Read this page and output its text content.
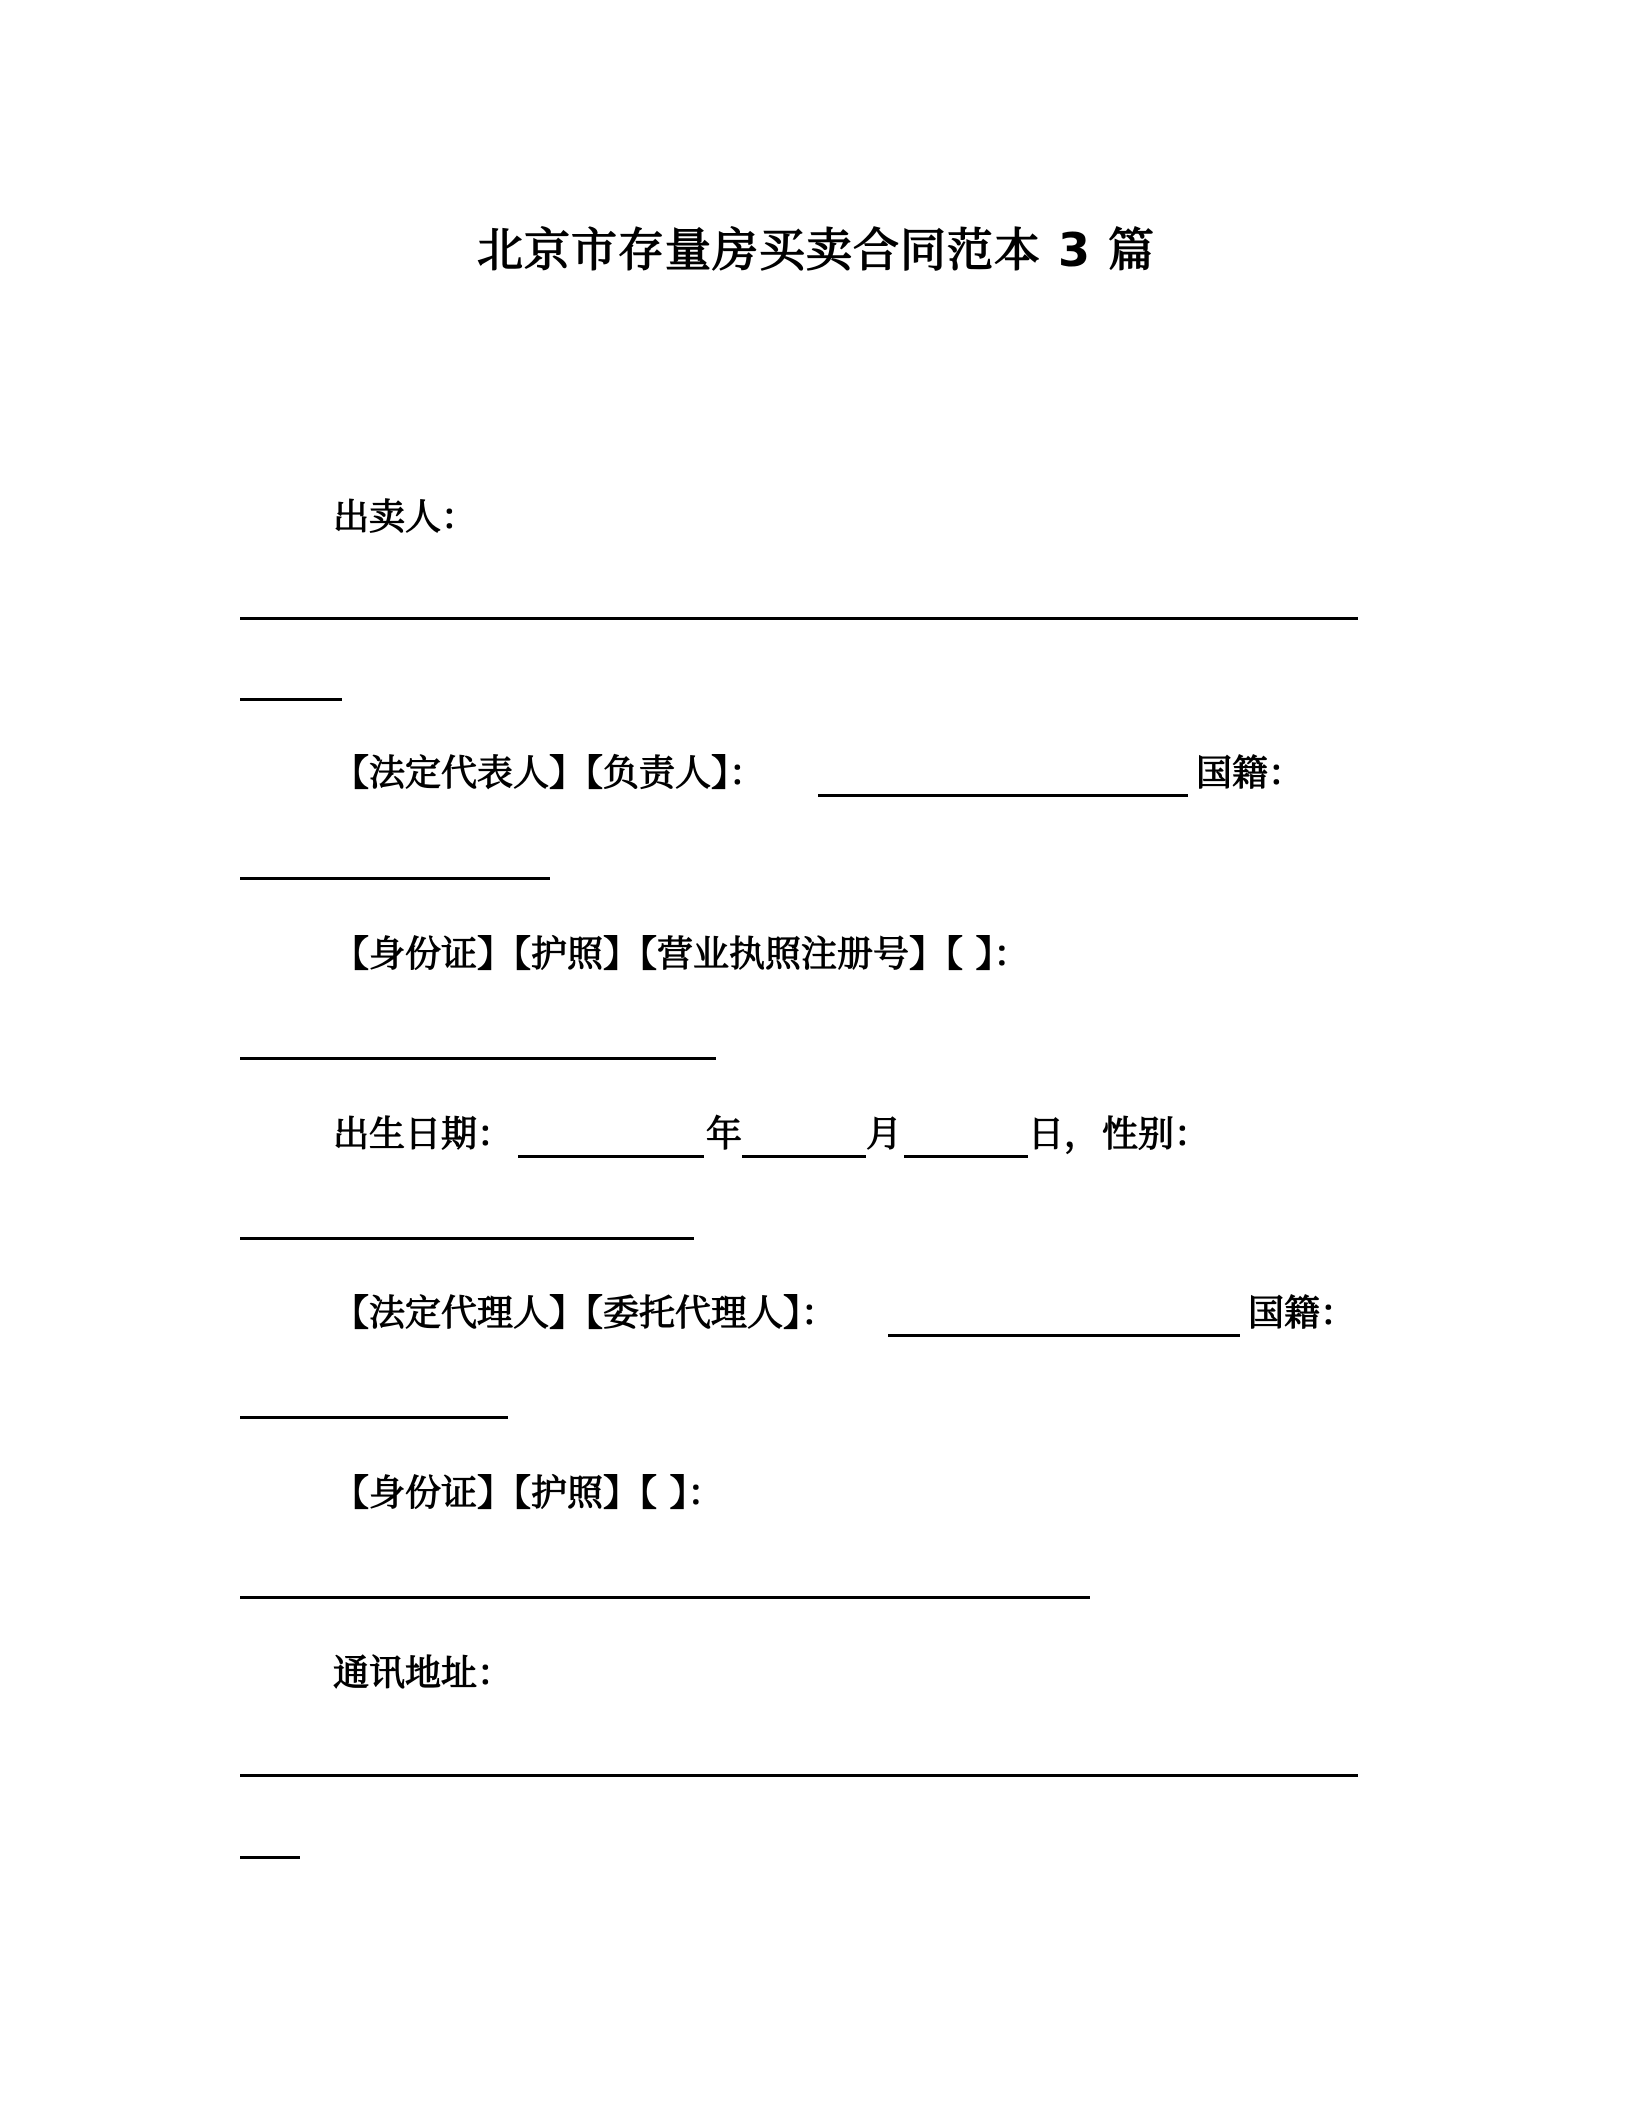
北京市存量房买卖合同范本 3 篇
出卖人：
【法定代表人】【负责人】：	国籍：
【身份证】【护照】【营业执照注册号】【 】：
出生日期：	年	月	日， 性别：
【法定代理人】【委托代理人】：	国籍：
【身份证】【护照】【 】：
通讯地址：
